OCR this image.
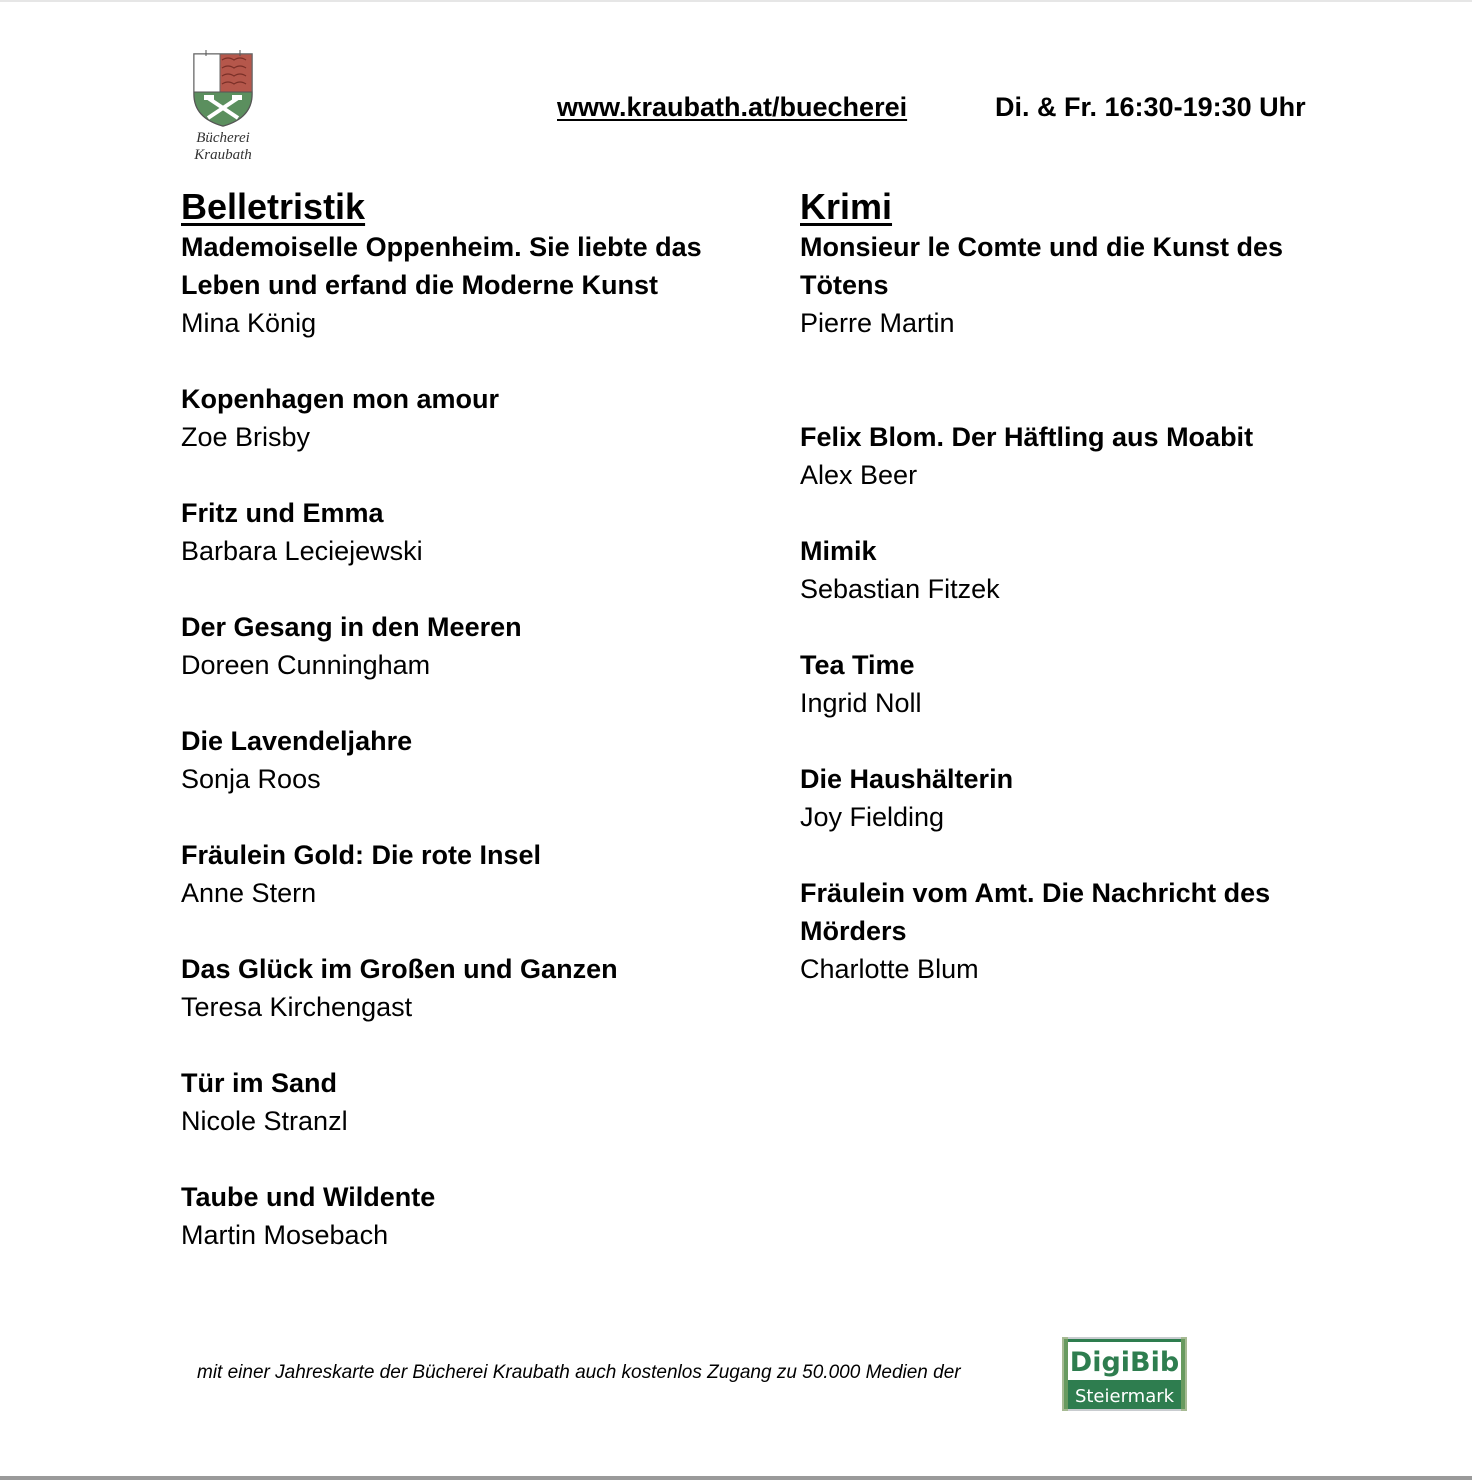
Bücherei
Kraubath
www.kraubath.at/buecherei	Di. & Fr. 16:30-19:30 Uhr
Belletristik
Mademoiselle Oppenheim. Sie liebte das Leben und erfand die Moderne Kunst
Mina König
Kopenhagen mon amour
Zoe Brisby
Fritz und Emma
Barbara Leciejewski
Der Gesang in den Meeren
Doreen Cunningham
Die Lavendeljahre
Sonja Roos
Fräulein Gold: Die rote Insel
Anne Stern
Das Glück im Großen und Ganzen
Teresa Kirchengast
Tür im Sand
Nicole Stranzl
Taube und Wildente
Martin Mosebach
Krimi
Monsieur le Comte und die Kunst des Tötens
Pierre Martin
Felix Blom. Der Häftling aus Moabit
Alex Beer
Mimik
Sebastian Fitzek
Tea Time
Ingrid Noll
Die Haushälterin
Joy Fielding
Fräulein vom Amt. Die Nachricht des Mörders
Charlotte Blum
mit einer Jahreskarte der Bücherei Kraubath auch kostenlos Zugang zu 50.000 Medien der	DigiBib
Steiermark
